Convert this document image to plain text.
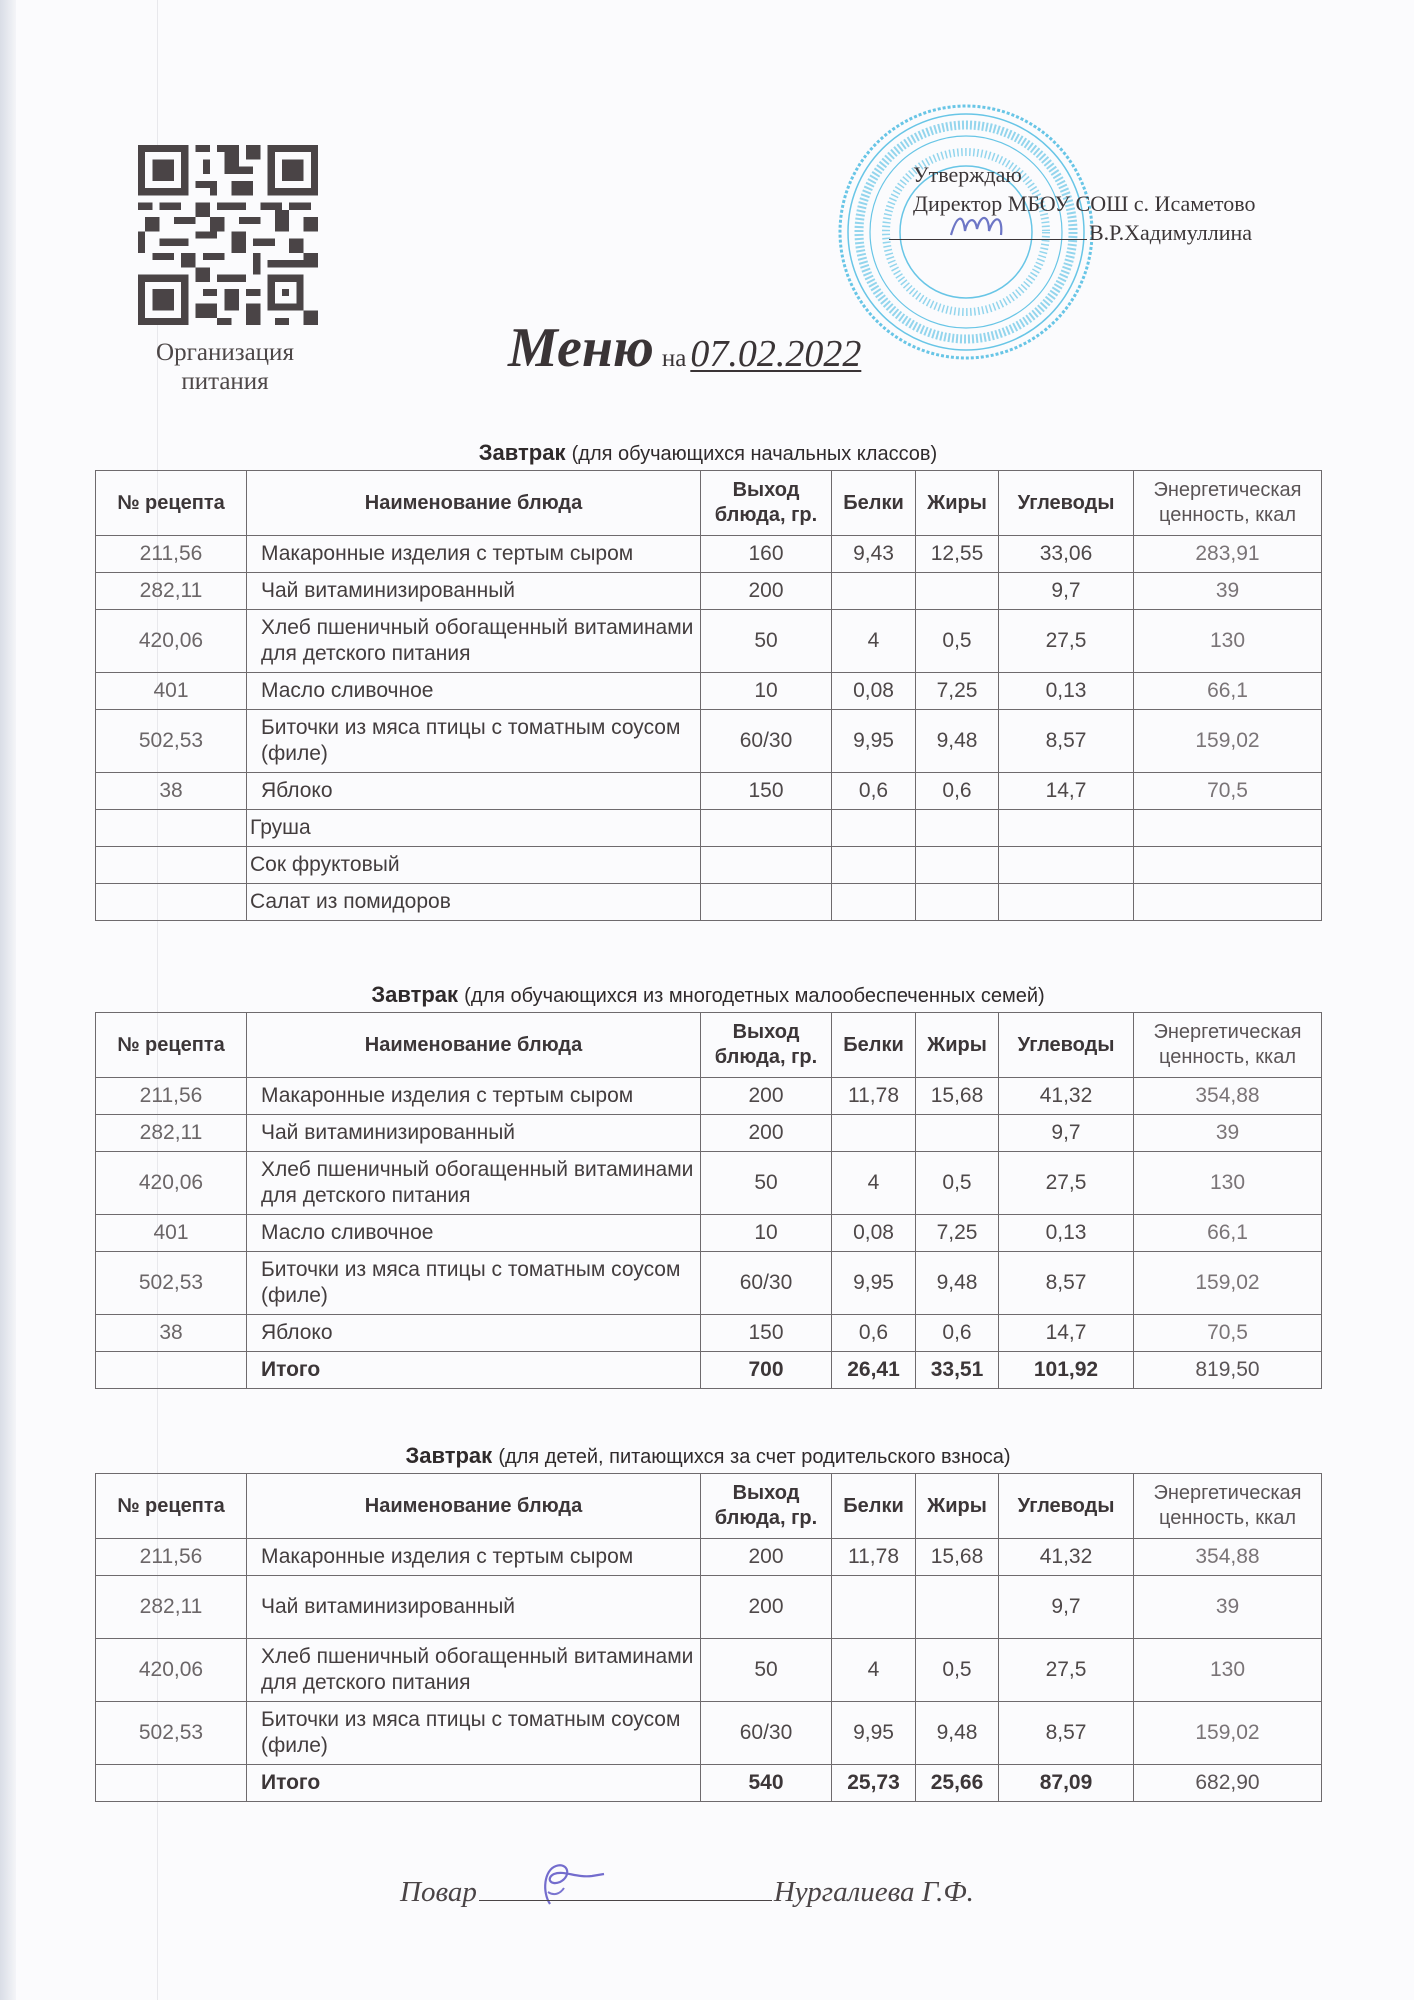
Организация
питания
Утверждаю
Директор МБОУ СОШ с. Исаметово
В.Р.Хадимуллина
Меню на 07.02.2022
Завтрак (для обучающихся начальных классов)
№ рецепта	Наименование блюда	Выход блюда, гр.	Белки	Жиры	Углеводы	Энергетическая ценность, ккал
211,56	Макаронные изделия с тертым сыром	160	9,43	12,55	33,06	283,91
282,11	Чай витаминизированный	200			9,7	39
420,06	Хлеб пшеничный обогащенный витаминами для детского питания	50	4	0,5	27,5	130
401	Масло сливочное	10	0,08	7,25	0,13	66,1
502,53	Биточки из мяса птицы с томатным соусом (филе)	60/30	9,95	9,48	8,57	159,02
38	Яблоко	150	0,6	0,6	14,7	70,5
	Груша					
	Сок фруктовый					
	Салат из помидоров					
Завтрак (для обучающихся из многодетных малообеспеченных семей)
№ рецепта	Наименование блюда	Выход блюда, гр.	Белки	Жиры	Углеводы	Энергетическая ценность, ккал
211,56	Макаронные изделия с тертым сыром	200	11,78	15,68	41,32	354,88
282,11	Чай витаминизированный	200			9,7	39
420,06	Хлеб пшеничный обогащенный витаминами для детского питания	50	4	0,5	27,5	130
401	Масло сливочное	10	0,08	7,25	0,13	66,1
502,53	Биточки из мяса птицы с томатным соусом (филе)	60/30	9,95	9,48	8,57	159,02
38	Яблоко	150	0,6	0,6	14,7	70,5
	Итого	700	26,41	33,51	101,92	819,50
Завтрак (для детей, питающихся за счет родительского взноса)
№ рецепта	Наименование блюда	Выход блюда, гр.	Белки	Жиры	Углеводы	Энергетическая ценность, ккал
211,56	Макаронные изделия с тертым сыром	200	11,78	15,68	41,32	354,88
282,11	Чай витаминизированный	200			9,7	39
420,06	Хлеб пшеничный обогащенный витаминами для детского питания	50	4	0,5	27,5	130
502,53	Биточки из мяса птицы с томатным соусом (филе)	60/30	9,95	9,48	8,57	159,02
	Итого	540	25,73	25,66	87,09	682,90
Повар	Нургалиева Г.Ф.
